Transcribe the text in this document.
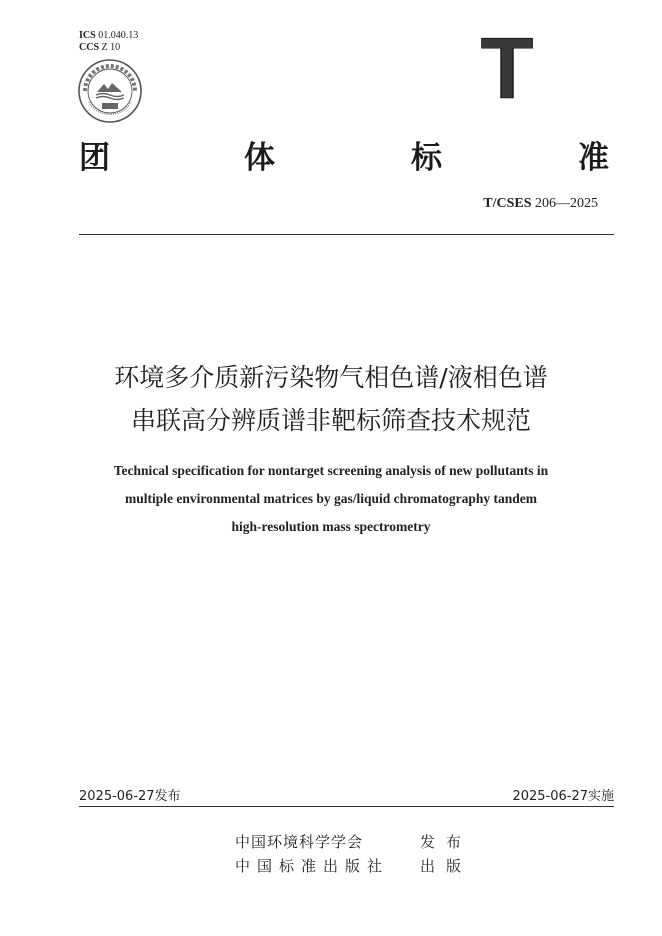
ICS 01.040.13
CCS Z 10	T
团	体	标	准
T/CSES 206—2025
环境多介质新污染物气相色谱/液相色谱
串联高分辨质谱非靶标筛查技术规范
Technical specification for nontarget screening analysis of new pollutants in
multiple environmental matrices by gas/liquid chromatography tandem
high-resolution mass spectrometry
2025-06-27发布	2025-06-27实施
中国环境科学学会	发 布
中国标准出版社 出 版
